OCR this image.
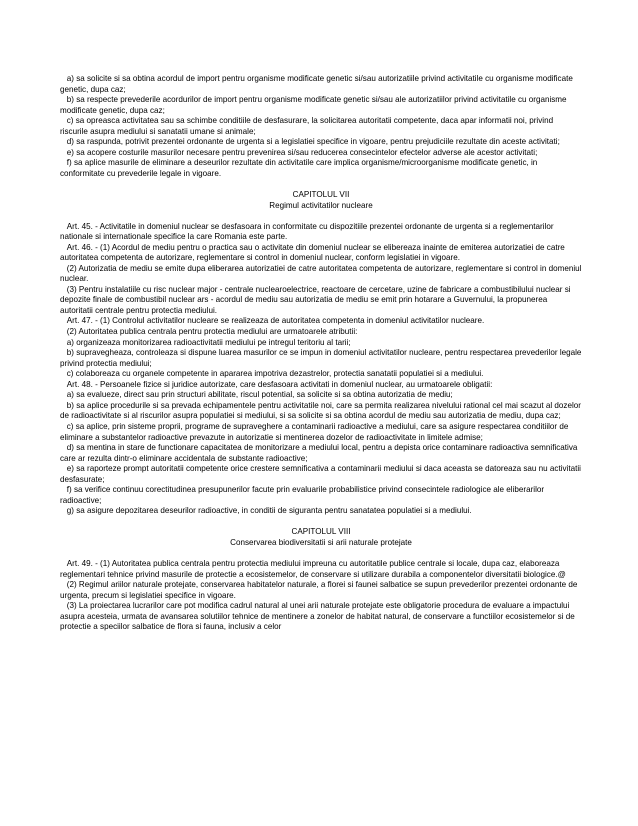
a) sa solicite si sa obtina acordul de import pentru organisme modificate genetic si/sau autorizatiile privind activitatile cu organisme modificate genetic, dupa caz;

b) sa respecte prevederile acordurilor de import pentru organisme modificate genetic si/sau ale autorizatiilor privind activitatile cu organisme modificate genetic, dupa caz;

c) sa opreasca activitatea sau sa schimbe conditiile de desfasurare, la solicitarea autoritatii competente, daca apar informatii noi, privind riscurile asupra mediului si sanatatii umane si animale;

d) sa raspunda, potrivit prezentei ordonante de urgenta si a legislatiei specifice in vigoare, pentru prejudiciile rezultate din aceste activitati;

e) sa acopere costurile masurilor necesare pentru prevenirea si/sau reducerea consecintelor efectelor adverse ale acestor activitati;

f) sa aplice masurile de eliminare a deseurilor rezultate din activitatile care implica organisme/microorganisme modificate genetic, in conformitate cu prevederile legale in vigoare.

CAPITOLUL VII

Regimul activitatilor nucleare

Art. 45. - Activitatile in domeniul nuclear se desfasoara in conformitate cu dispozitiile prezentei ordonante de urgenta si a reglementarilor nationale si internationale specifice la care Romania este parte.

Art. 46. - (1) Acordul de mediu pentru o practica sau o activitate din domeniul nuclear se elibereaza inainte de emiterea autorizatiei de catre autoritatea competenta de autorizare, reglementare si control in domeniul nuclear, conform legislatiei in vigoare.

(2) Autorizatia de mediu se emite dupa eliberarea autorizatiei de catre autoritatea competenta de autorizare, reglementare si control in domeniul nuclear.

(3) Pentru instalatiile cu risc nuclear major - centrale nuclearoelectrice, reactoare de cercetare, uzine de fabricare a combustibilului nuclear si depozite finale de combustibil nuclear ars - acordul de mediu sau autorizatia de mediu se emit prin hotarare a Guvernului, la propunerea autoritatii centrale pentru protectia mediului.

Art. 47. - (1) Controlul activitatilor nucleare se realizeaza de autoritatea competenta in domeniul activitatilor nucleare.

(2) Autoritatea publica centrala pentru protectia mediului are urmatoarele atributii:

a) organizeaza monitorizarea radioactivitatii mediului pe intregul teritoriu al tarii;

b) supravegheaza, controleaza si dispune luarea masurilor ce se impun in domeniul activitatilor nucleare, pentru respectarea prevederilor legale privind protectia mediului;

c) colaboreaza cu organele competente in apararea impotriva dezastrelor, protectia sanatatii populatiei si a mediului.

Art. 48. - Persoanele fizice si juridice autorizate, care desfasoara activitati in domeniul nuclear, au urmatoarele obligatii:

a) sa evalueze, direct sau prin structuri abilitate, riscul potential, sa solicite si sa obtina autorizatia de mediu;

b) sa aplice procedurile si sa prevada echipamentele pentru activitatile noi, care sa permita realizarea nivelului rational cel mai scazut al dozelor de radioactivitate si al riscurilor asupra populatiei si mediului, si sa solicite si sa obtina acordul de mediu sau autorizatia de mediu, dupa caz;

c) sa aplice, prin sisteme proprii, programe de supraveghere a contaminarii radioactive a mediului, care sa asigure respectarea conditiilor de eliminare a substantelor radioactive prevazute in autorizatie si mentinerea dozelor de radioactivitate in limitele admise;

d) sa mentina in stare de functionare capacitatea de monitorizare a mediului local, pentru a depista orice contaminare radioactiva semnificativa care ar rezulta dintr-o eliminare accidentala de substante radioactive;

e) sa raporteze prompt autoritatii competente orice crestere semnificativa a contaminarii mediului si daca aceasta se datoreaza sau nu activitatii desfasurate;

f) sa verifice continuu corectitudinea presupunerilor facute prin evaluarile probabilistice privind consecintele radiologice ale eliberarilor radioactive;

g) sa asigure depozitarea deseurilor radioactive, in conditii de siguranta pentru sanatatea populatiei si a mediului.

CAPITOLUL VIII

Conservarea biodiversitatii si arii naturale protejate

Art. 49. - (1) Autoritatea publica centrala pentru protectia mediului impreuna cu autoritatile publice centrale si locale, dupa caz, elaboreaza reglementari tehnice privind masurile de protectie a ecosistemelor, de conservare si utilizare durabila a componentelor diversitatii biologice.@

(2) Regimul ariilor naturale protejate, conservarea habitatelor naturale, a florei si faunei salbatice se supun prevederilor prezentei ordonante de urgenta, precum si legislatiei specifice in vigoare.

(3) La proiectarea lucrarilor care pot modifica cadrul natural al unei arii naturale protejate este obligatorie procedura de evaluare a impactului asupra acesteia, urmata de avansarea solutiilor tehnice de mentinere a zonelor de habitat natural, de conservare a functiilor ecosistemelor si de protectie a speciilor salbatice de flora si fauna, inclusiv a celor
